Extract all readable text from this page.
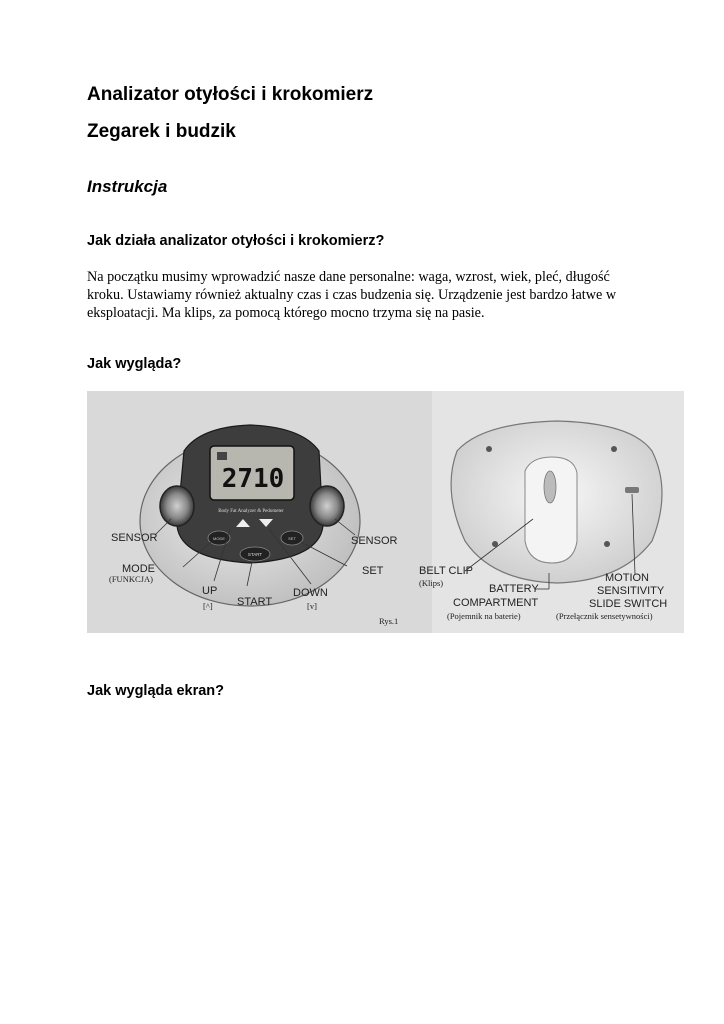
Analizator otyłości i krokomierz
Zegarek i budzik
Instrukcja
Jak działa analizator otyłości i krokomierz?

Na początku musimy wprowadzić nasze dane personalne: waga, wzrost, wiek, pleć, długość kroku. Ustawiamy również aktualny czas i czas budzenia się. Urządzenie jest bardzo łatwe w eksploatacji. Ma klips, za pomocą którego mocno trzyma się na pasie.

Jak wygląda?
2710
Body Fat Analyzer & Pedometer
MODE	SET
START
SENSOR	SENSOR
MODE
(FUNKCJA)
SET
UP
[^] START
DOWN
[v]
Rys.1
BELT CLIP
(Klips)	BATTERY
COMPARTMENT
(Pojemnik na baterie)
MOTION
SENSITIVITY
SLIDE SWITCH
(Przełącznik sensetywności)
Jak wygląda ekran?
